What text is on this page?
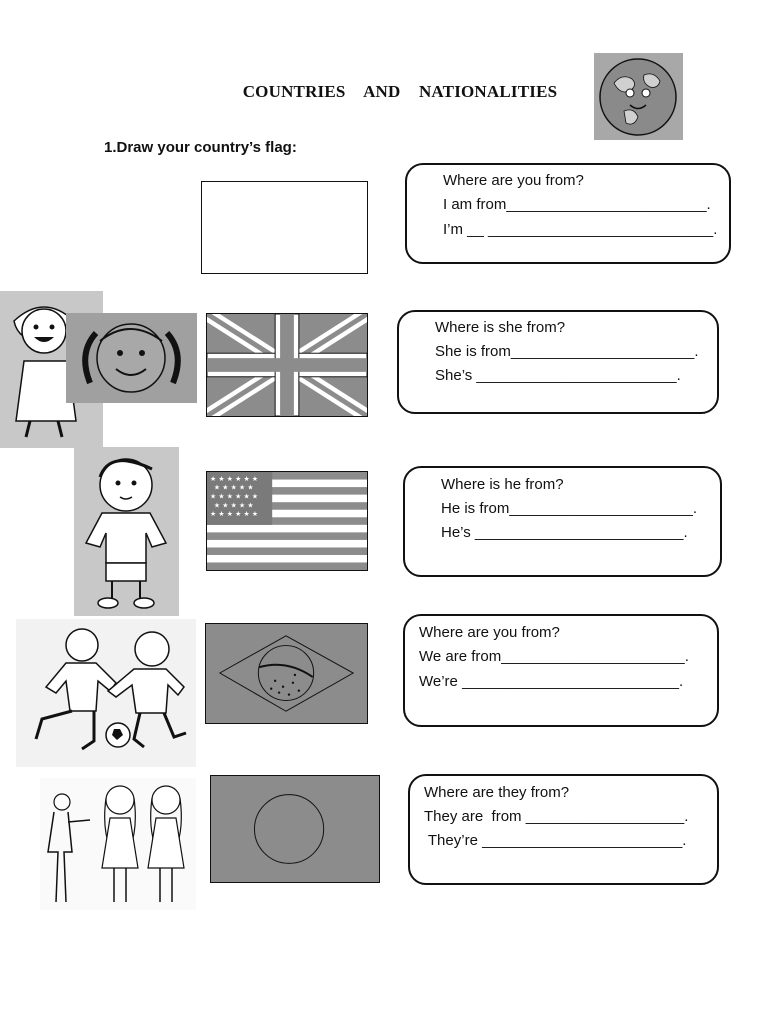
COUNTRIES AND NATIONALITIES
1.Draw your country’s flag:
★ ★ ★ ★ ★ ★
★ ★ ★ ★ ★
★ ★ ★ ★ ★ ★
★ ★ ★ ★ ★
★ ★ ★ ★ ★ ★
Where are you from?
I am from________________________.
I’m __ ___________________________.
Where is she from?
She is from______________________.
She’s ________________________.
Where is he from?
He is from______________________.
He’s _________________________.
Where are you from?
We are from______________________.
We’re __________________________.
Where are they from?
They are  from ___________________.
They’re ________________________.
